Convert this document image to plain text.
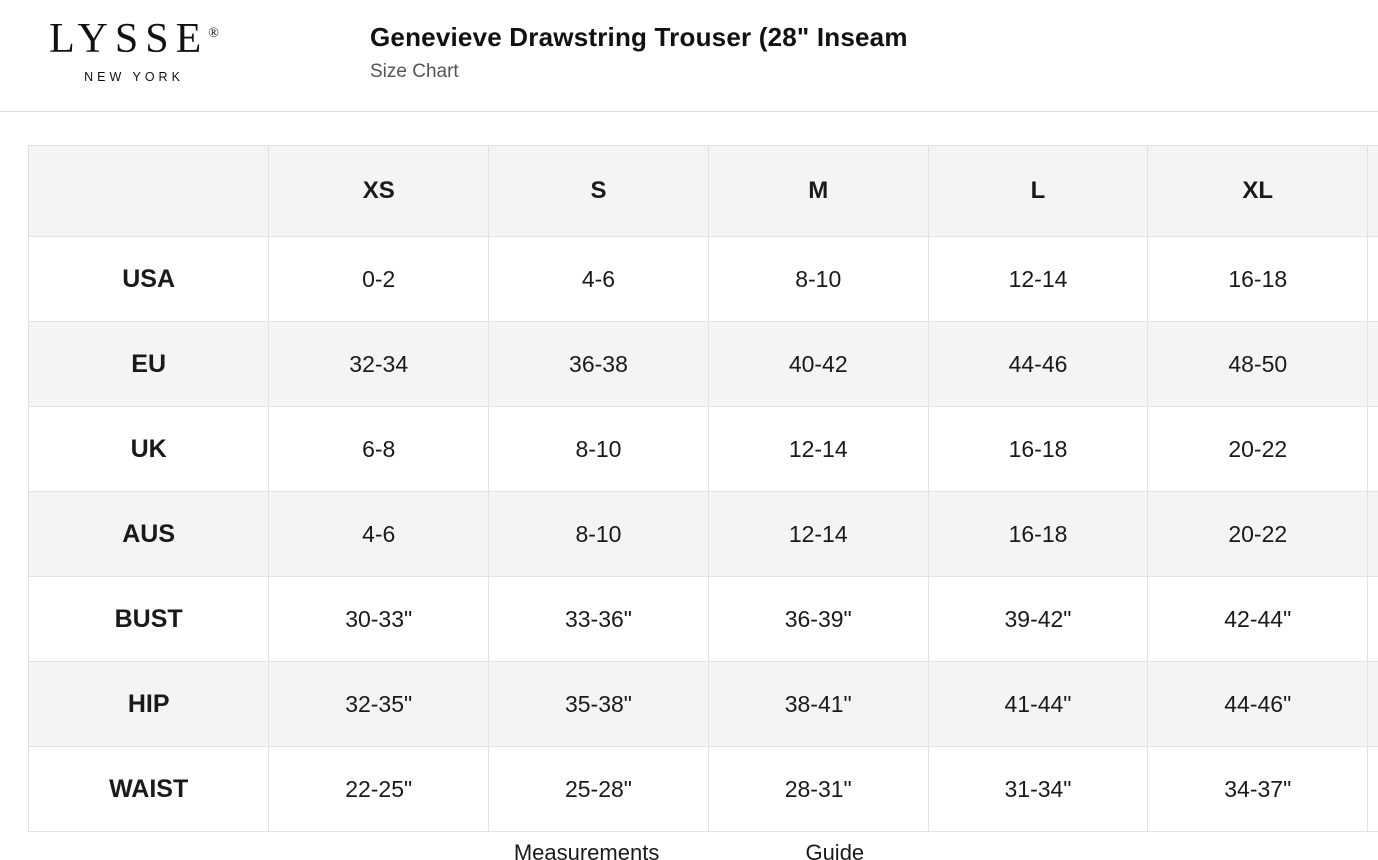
LYSSE®
NEW YORK
Genevieve Drawstring Trouser (28" Inseam
Size Chart
	XS	S	M	L	XL	
USA	0-2	4-6	8-10	12-14	16-18	
EU	32-34	36-38	40-42	44-46	48-50	
UK	6-8	8-10	12-14	16-18	20-22	
AUS	4-6	8-10	12-14	16-18	20-22	
BUST	30-33"	33-36"	36-39"	39-42"	42-44"	
HIP	32-35"	35-38"	38-41"	41-44"	44-46"	
WAIST	22-25"	25-28"	28-31"	31-34"	34-37"	
Measurements	Guide
